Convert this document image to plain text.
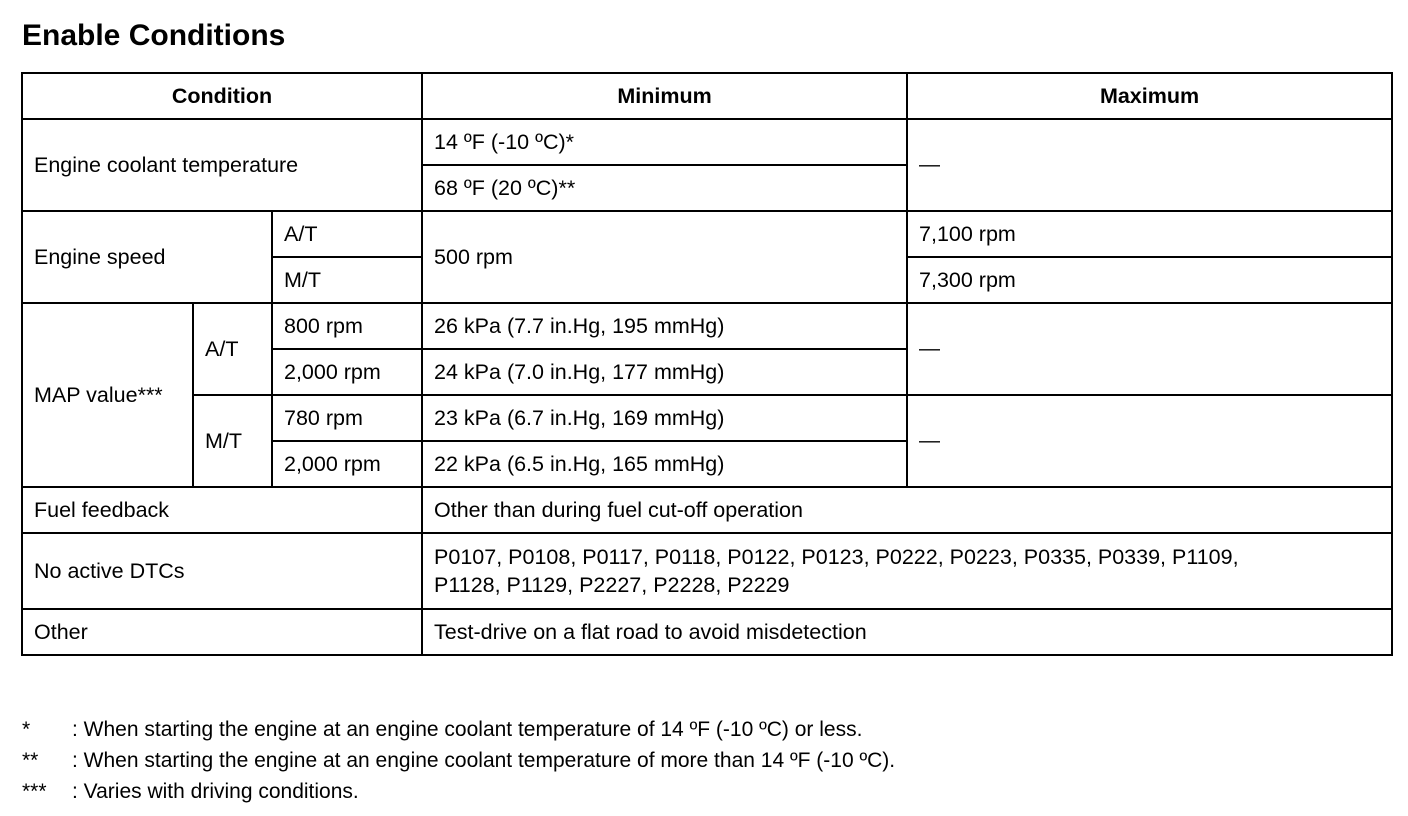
Enable Conditions
Condition			Minimum	Maximum
Engine coolant temperature			14 ºF (-10 ºC)*	—
			68 ºF (20 ºC)**	
Engine speed		A/T	500 rpm	7,100 rpm
		M/T		7,300 rpm
MAP value***	A/T	800 rpm	26 kPa (7.7 in.Hg, 195 mmHg)	—
		2,000 rpm	24 kPa (7.0 in.Hg, 177 mmHg)	
	M/T	780 rpm	23 kPa (6.7 in.Hg, 169 mmHg)	—
		2,000 rpm	22 kPa (6.5 in.Hg, 165 mmHg)	
Fuel feedback			Other than during fuel cut-off operation	
No active DTCs			P0107, P0108, P0117, P0118, P0122, P0123, P0222, P0223, P0335, P0339, P1109,
P1128, P1129, P2227, P2228, P2229	

Other			Test-drive on a flat road to avoid misdetection	
* : When starting the engine at an engine coolant temperature of 14 ºF (-10 ºC) or less.
** : When starting the engine at an engine coolant temperature of more than 14 ºF (-10 ºC).
*** : Varies with driving conditions.
